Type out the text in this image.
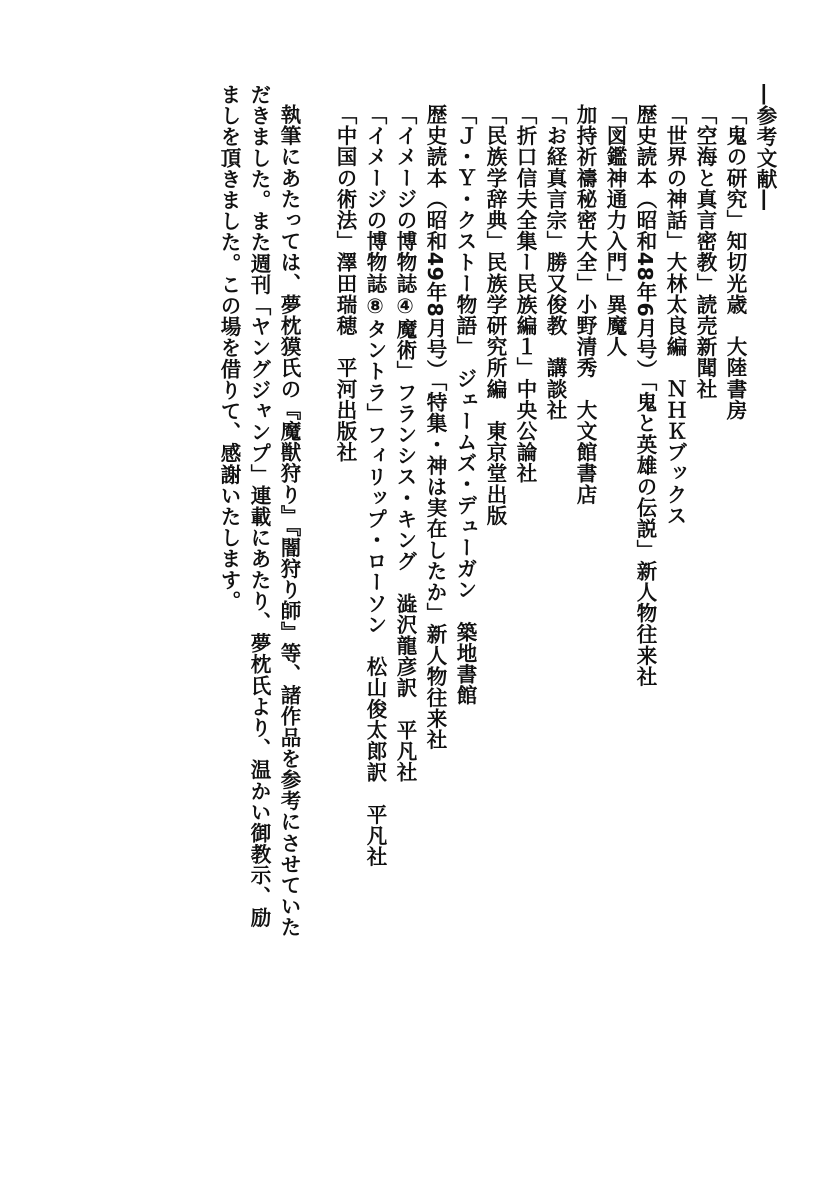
―参考文献―
「鬼の研究」知切光歳　大陸書房
「空海と真言密教」読売新聞社
「世界の神話」大林太良編　ＮＨＫブックス
歴史読本（昭和48年6月号）「鬼と英雄の伝説」新人物往来社
「図鑑神通力入門」異魔人
加持祈禱秘密大全」小野清秀　大文館書店
「お経真言宗」勝又俊教　講談社
「折口信夫全集ー民族編１」中央公論社
「民族学辞典」民族学研究所編　東京堂出版
「Ｊ・Ｙ・クストー物語」　ジェームズ・デューガン　築地書館
歴史読本（昭和49年8月号）「特集・神は実在したか」新人物往来社
「イメージの博物誌④魔術」フランシス・キング　澁沢龍彦訳　平凡社
「イメージの博物誌⑧タントラ」フィリップ・ローソン　松山俊太郎訳　平凡社
「中国の術法」澤田瑞穂　平河出版社
執筆にあたっては、夢枕獏氏の『魔獣狩り』『闇狩り師』等、諸作品を参考にさせていた
だきました。また週刊「ヤングジャンプ」連載にあたり、夢枕氏より、温かい御教示、励
ましを頂きました。この場を借りて、感謝いたします。
